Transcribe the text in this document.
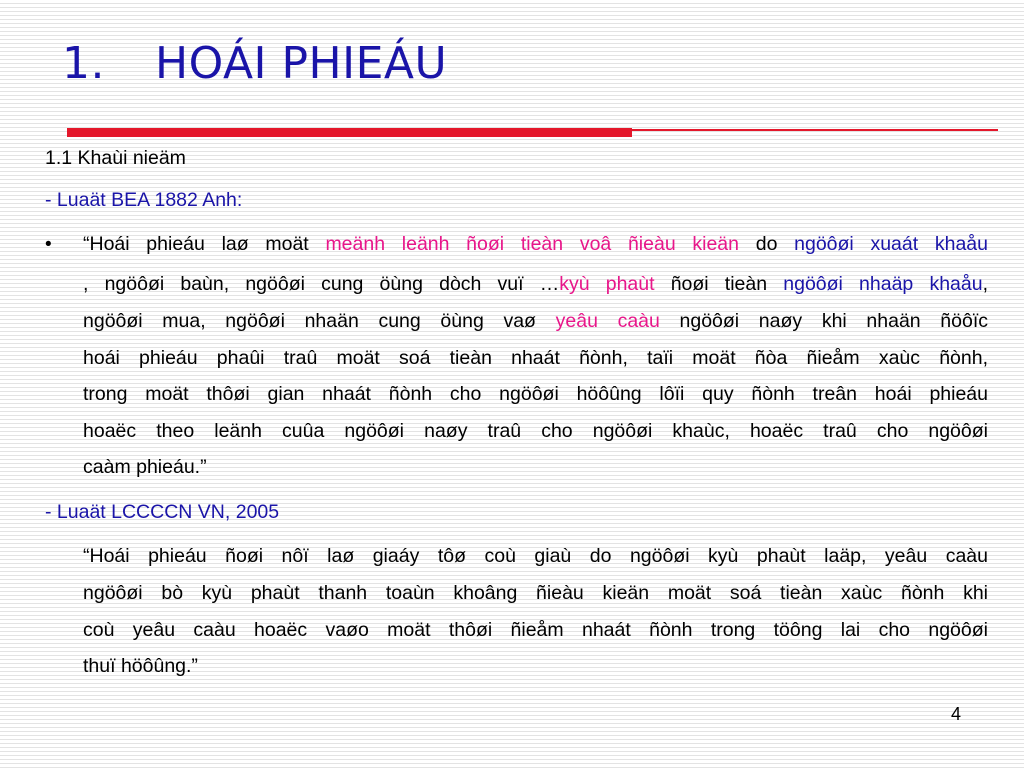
1. HOÁI PHIEÁU
1.1 Khaùi nieäm
- Luaät BEA 1882 Anh:
• “Hoái phieáu laø moät meänh leänh ñoøi tieàn voâ ñieàu kieän do ngöôøi xuaát khaåu
, ngöôøi baùn, ngöôøi cung öùng dòch vuï …kyù phaùt ñoøi tieàn ngöôøi nhaäp khaåu,
ngöôøi mua, ngöôøi nhaän cung öùng vaø yeâu caàu ngöôøi naøy khi nhaän ñöôïc
hoái phieáu phaûi traû moät soá tieàn nhaát ñònh, taïi moät ñòa ñieåm xaùc ñònh,
trong moät thôøi gian nhaát ñònh cho ngöôøi höôûng lôïi quy ñònh treân hoái phieáu
hoaëc theo leänh cuûa ngöôøi naøy traû cho ngöôøi khaùc, hoaëc traû cho ngöôøi
caàm phieáu.”
- Luaät LCCCCN VN, 2005
“Hoái phieáu ñoøi nôï laø giaáy tôø coù giaù do ngöôøi kyù phaùt laäp, yeâu caàu
ngöôøi bò kyù phaùt thanh toaùn khoâng ñieàu kieän moät soá tieàn xaùc ñònh khi
coù yeâu caàu hoaëc vaøo moät thôøi ñieåm nhaát ñònh trong töông lai cho ngöôøi
thuï höôûng.”
4
